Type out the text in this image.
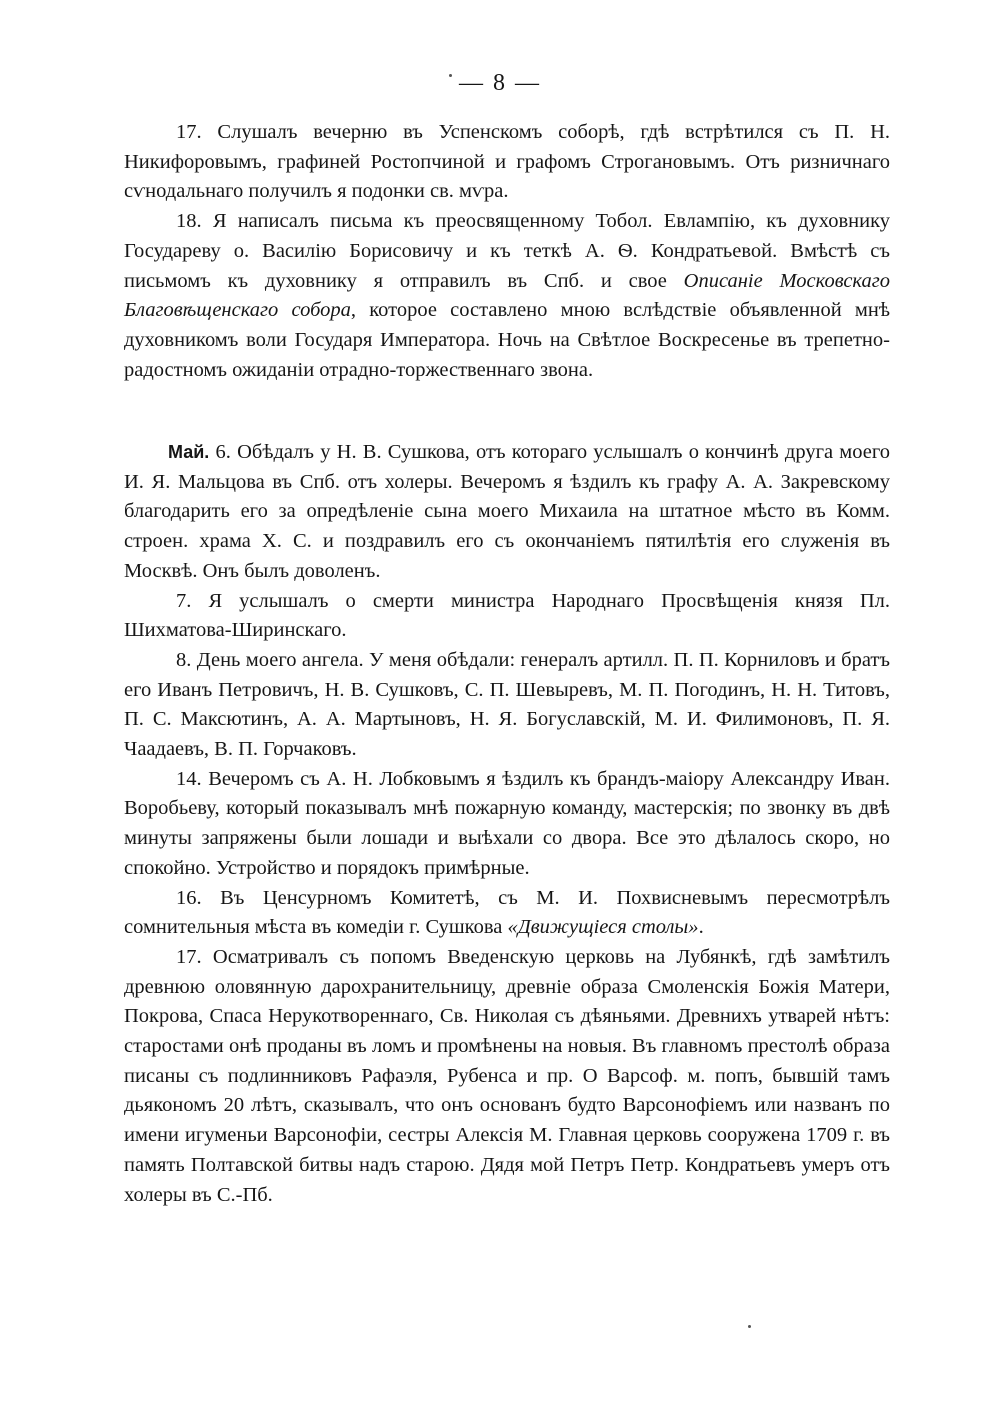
— 8 —

17. Слушалъ вечерню въ Успенскомъ соборѣ, гдѣ встрѣтился съ П. Н. Никифоровымъ, графиней Ростопчиной и графомъ Строгановымъ. Отъ ризничнаго сѵнодальнаго получилъ я подонки св. мѵра.

18. Я написалъ письма къ преосвященному Тобол. Евлампію, къ духовнику Государеву о. Василію Борисовичу и къ теткѣ А. Ѳ. Кондратьевой. Вмѣстѣ съ письмомъ къ духовнику я отправилъ въ Спб. и свое Описаніе Московскаго Благовѣщенскаго собора, которое составлено мною вслѣдствіе объявленной мнѣ духовникомъ воли Государя Императора. Ночь на Свѣтлое Воскресенье въ трепетно-радостномъ ожиданіи отрадно-торжественнаго звона.

Май. 6. Обѣдалъ у Н. В. Сушкова, отъ котораго услышалъ о кончинѣ друга моего И. Я. Мальцова въ Спб. отъ холеры. Вечеромъ я ѣздилъ къ графу А. А. Закревскому благодарить его за опредѣленіе сына моего Михаила на штатное мѣсто въ Комм. строен. храма Х. С. и поздравилъ его съ окончаніемъ пятилѣтія его служенія въ Москвѣ. Онъ былъ доволенъ.

7. Я услышалъ о смерти министра Народнаго Просвѣщенія князя Пл. Шихматова-Ширинскаго.

8. День моего ангела. У меня обѣдали: генералъ артилл. П. П. Корниловъ и братъ его Иванъ Петровичъ, Н. В. Сушковъ, С. П. Шевыревъ, М. П. Погодинъ, Н. Н. Титовъ, П. С. Максютинъ, А. А. Мартыновъ, Н. Я. Богуславскій, М. И. Филимоновъ, П. Я. Чаадаевъ, В. П. Горчаковъ.

14. Вечеромъ съ А. Н. Лобковымъ я ѣздилъ къ брандъ-маіору Александру Иван. Воробьеву, который показывалъ мнѣ пожарную команду, мастерскія; по звонку въ двѣ минуты запряжены были лошади и выѣхали со двора. Все это дѣлалось скоро, но спокойно. Устройство и порядокъ примѣрные.

16. Въ Ценсурномъ Комитетѣ, съ М. И. Похвисневымъ пересмотрѣлъ сомнительныя мѣста въ комедіи г. Сушкова «Движущіеся столы».

17. Осматривалъ съ попомъ Введенскую церковь на Лубянкѣ, гдѣ замѣтилъ древнюю оловянную дарохранительницу, древніе образа Смоленскія Божія Матери, Покрова, Спаса Нерукотвореннаго, Св. Николая съ дѣяньями. Древнихъ утварей нѣтъ: старостами онѣ проданы въ ломъ и промѣнены на новыя. Въ главномъ престолѣ образа писаны съ подлинниковъ Рафаэля, Рубенса и пр. О Варсоф. м. попъ, бывшій тамъ дьякономъ 20 лѣтъ, сказывалъ, что онъ основанъ будто Варсонофіемъ или названъ по имени игуменьи Варсонофіи, сестры Алексія М. Главная церковь сооружена 1709 г. въ память Полтавской битвы надъ старою. Дядя мой Петръ Петр. Кондратьевъ умеръ отъ холеры въ С.-Пб.
